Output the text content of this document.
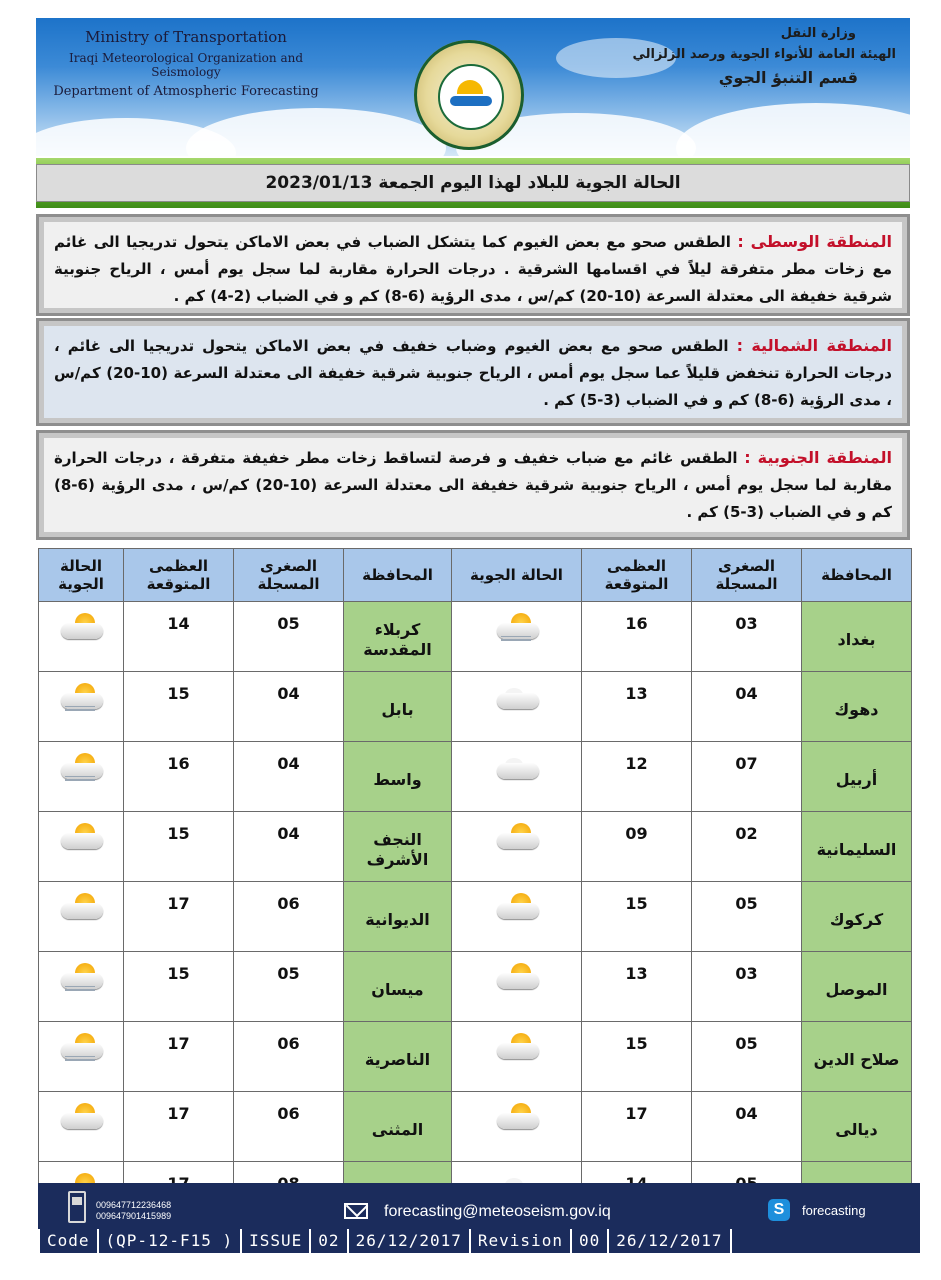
Ministry of Transportation
Iraqi Meteorological Organization and Seismology
Department of Atmospheric Forecasting
وزارة النقل
الهيئة العامة للأنواء الجوية ورصد الزلزالي
قسم التنبؤ الجوي
الحالة الجوية للبلاد لهذا اليوم الجمعة 2023/01/13
المنطقة الوسطى : الطقس صحو مع بعض الغيوم كما يتشكل الضباب في بعض الاماكن يتحول تدريجيا الى غائم مع زخات مطر متفرقة ليلاً في اقسامها الشرقية . درجات الحرارة مقاربة لما سجل يوم أمس ، الرياح جنوبية شرقية خفيفة الى معتدلة السرعة (10-20) كم/س ، مدى الرؤية (6-8) كم و في الضباب (2-4) كم .
المنطقة الشمالية : الطقس صحو مع بعض الغيوم وضباب خفيف في بعض الاماكن يتحول تدريجيا الى غائم ، درجات الحرارة تنخفض قليلاً عما سجل يوم أمس ، الرياح جنوبية شرقية خفيفة الى معتدلة السرعة (10-20) كم/س ، مدى الرؤية (6-8) كم و في الضباب (3-5) كم .
المنطقة الجنوبية : الطقس غائم مع ضباب خفيف و فرصة لتساقط زخات مطر خفيفة متفرقة ، درجات الحرارة مقاربة لما سجل يوم أمس ، الرياح جنوبية شرقية خفيفة الى معتدلة السرعة (10-20) كم/س ، مدى الرؤية (6-8) كم و في الضباب (3-5) كم .
المحافظة	الصغرى المسجلة	العظمى المتوقعة	الحالة الجوية	المحافظة	الصغرى المسجلة	العظمى المتوقعة	الحالة الجوية
بغداد	03	16		كربلاء المقدسة	05	14	

دهوك	04	13		بابل	04	15	

أربيل	07	12		واسط	04	16	

السليمانية	02	09		النجف الأشرف	04	15	

كركوك	05	15		الديوانية	06	17	

الموصل	03	13		ميسان	05	15	

صلاح الدين	05	15		الناصرية	06	17	

ديالى	04	17		المثنى	06	17	

009647712236468
009647901415989	forecasting@meteoseism.gov.iq	S	forecasting
Code	(QP-12-F15 )	ISSUE	02	26/12/2017	Revision	00	26/12/2017
